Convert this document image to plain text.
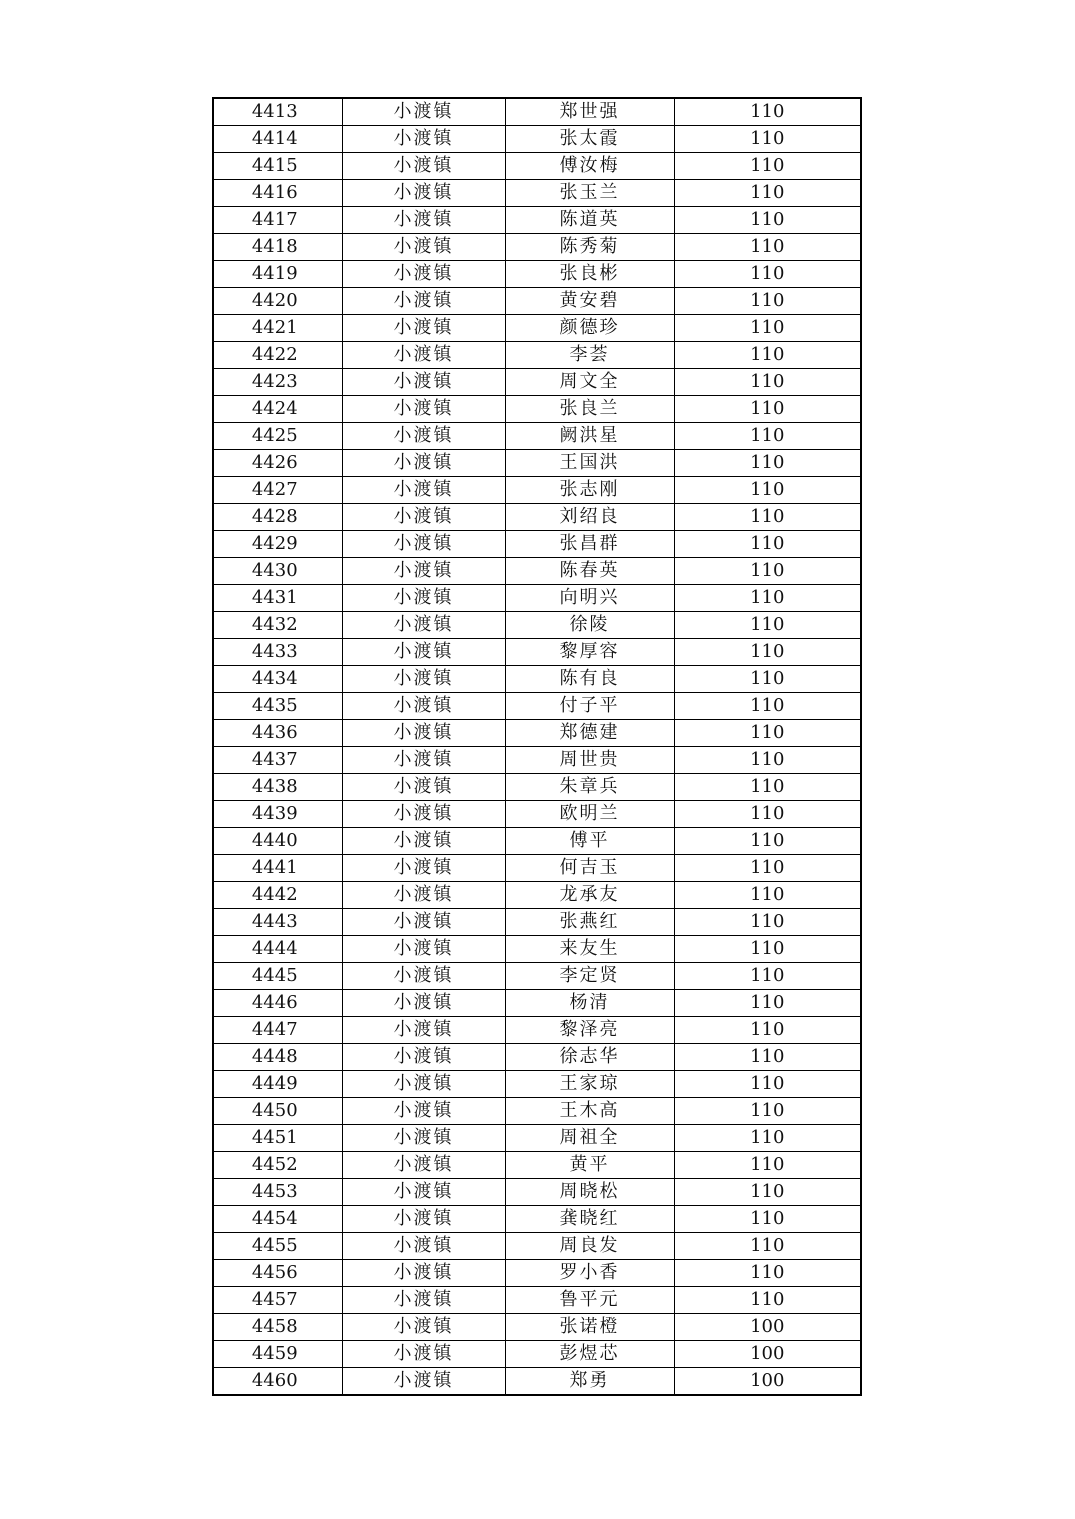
4413	小渡镇	郑世强	110
4414	小渡镇	张太霞	110
4415	小渡镇	傅汝梅	110
4416	小渡镇	张玉兰	110
4417	小渡镇	陈道英	110
4418	小渡镇	陈秀菊	110
4419	小渡镇	张良彬	110
4420	小渡镇	黄安碧	110
4421	小渡镇	颜德珍	110
4422	小渡镇	李荟	110
4423	小渡镇	周文全	110
4424	小渡镇	张良兰	110
4425	小渡镇	阙洪星	110
4426	小渡镇	王国洪	110
4427	小渡镇	张志刚	110
4428	小渡镇	刘绍良	110
4429	小渡镇	张昌群	110
4430	小渡镇	陈春英	110
4431	小渡镇	向明兴	110
4432	小渡镇	徐陵	110
4433	小渡镇	黎厚容	110
4434	小渡镇	陈有良	110
4435	小渡镇	付子平	110
4436	小渡镇	郑德建	110
4437	小渡镇	周世贵	110
4438	小渡镇	朱章兵	110
4439	小渡镇	欧明兰	110
4440	小渡镇	傅平	110
4441	小渡镇	何吉玉	110
4442	小渡镇	龙承友	110
4443	小渡镇	张燕红	110
4444	小渡镇	来友生	110
4445	小渡镇	李定贤	110
4446	小渡镇	杨清	110
4447	小渡镇	黎泽亮	110
4448	小渡镇	徐志华	110
4449	小渡镇	王家琼	110
4450	小渡镇	王木高	110
4451	小渡镇	周祖全	110
4452	小渡镇	黄平	110
4453	小渡镇	周晓松	110
4454	小渡镇	龚晓红	110
4455	小渡镇	周良发	110
4456	小渡镇	罗小香	110
4457	小渡镇	鲁平元	110
4458	小渡镇	张诺橙	100
4459	小渡镇	彭煜芯	100
4460	小渡镇	郑勇	100
